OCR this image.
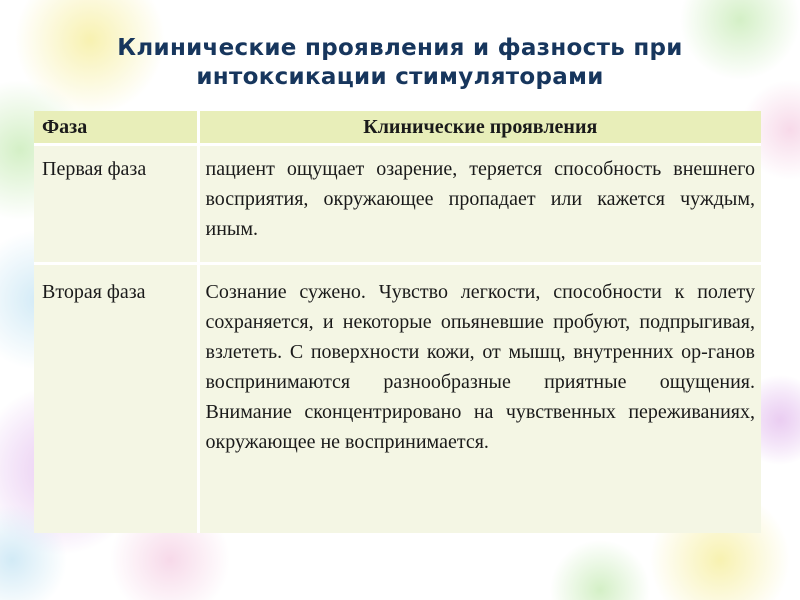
Клинические проявления и фазность при
интоксикации стимуляторами
Фаза	Клинические проявления
Первая фаза	пациент ощущает озарение, теряется способность внешнего восприятия, окружающее пропадает или кажется чуждым, иным.
Вторая фаза	Сознание сужено. Чувство легкости, способности к полету сохраняется, и некоторые опьяневшие пробуют, подпрыгивая, взлететь. С поверхности кожи, от мышц, внутренних ор-ганов воспринимаются разнообразные приятные ощущения. Внимание сконцентрировано на чувственных переживаниях, окружающее не воспринимается.
